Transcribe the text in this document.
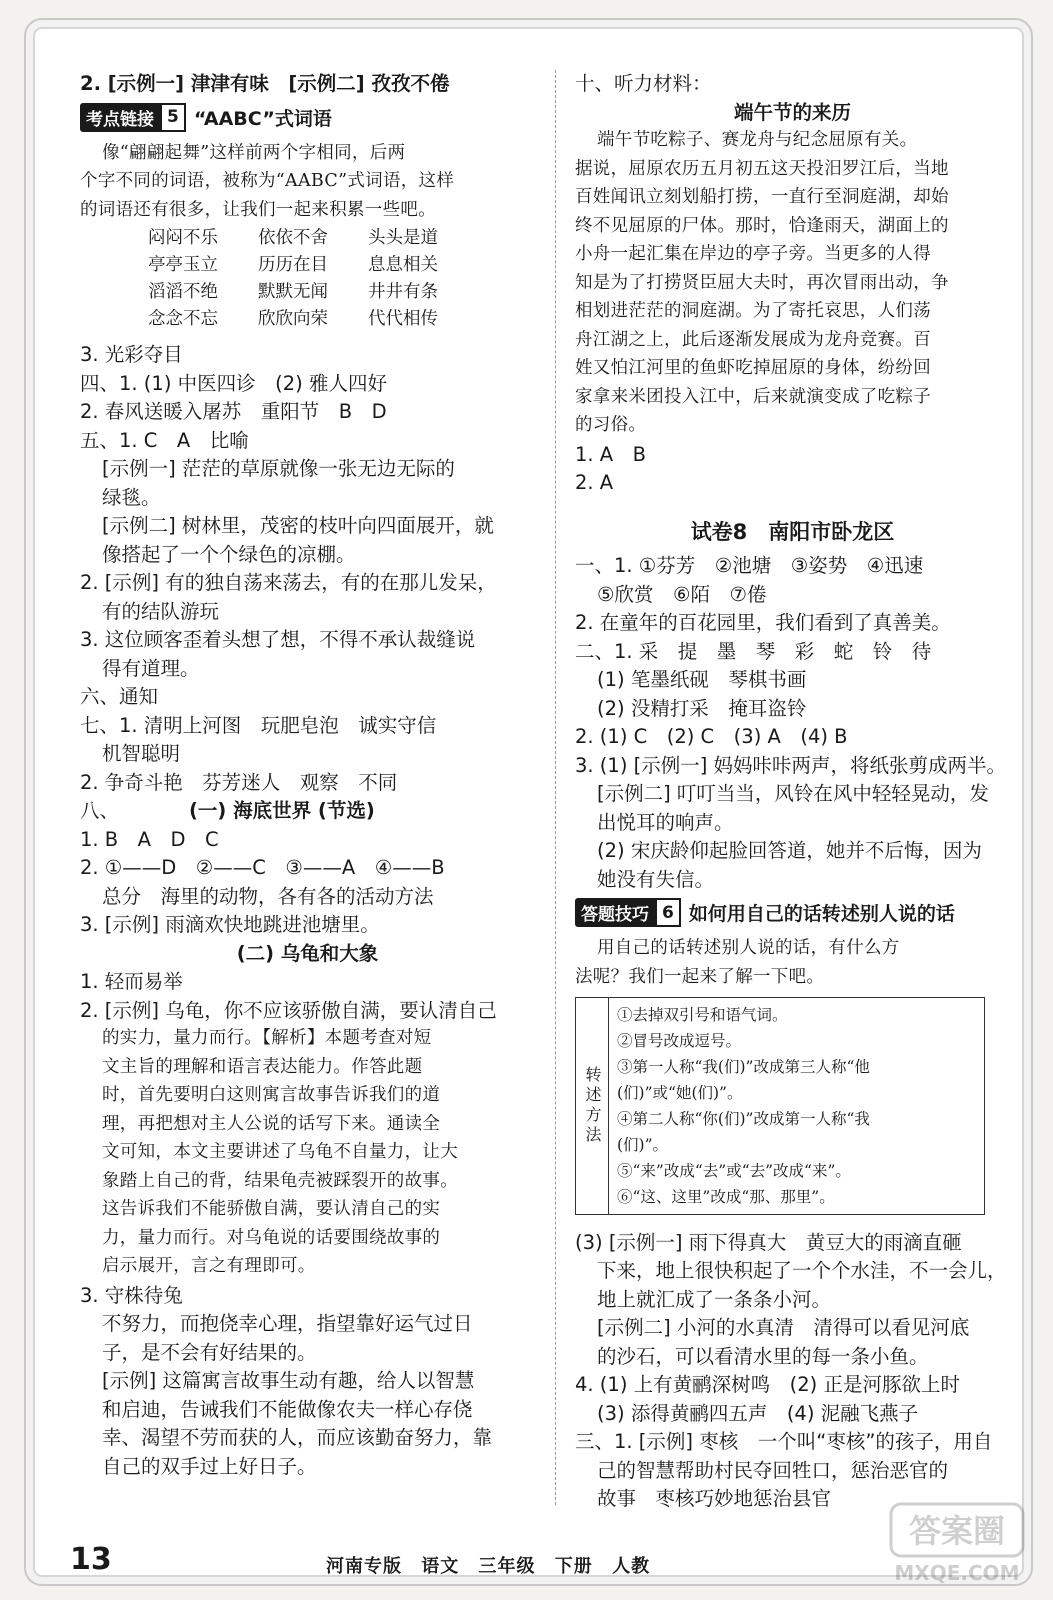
2. [示例一] 津津有味　[示例二] 孜孜不倦
考点链接 5 “AABC”式词语
像“翩翩起舞”这样前两个字相同，后两
个字不同的词语，被称为“AABC”式词语，这样
的词语还有很多，让我们一起来积累一些吧。
闷闷不乐	依依不舍	头头是道
亭亭玉立	历历在目	息息相关
滔滔不绝	默默无闻	井井有条
念念不忘	欣欣向荣	代代相传
3. 光彩夺目
四、1. (1) 中医四诊　(2) 雅人四好
2. 春风送暖入屠苏　重阳节　B　D
五、1. C　A　比喻
[示例一] 茫茫的草原就像一张无边无际的
绿毯。
[示例二] 树林里，茂密的枝叶向四面展开，就
像搭起了一个个绿色的凉棚。
2. [示例] 有的独自荡来荡去，有的在那儿发呆，
有的结队游玩
3. 这位顾客歪着头想了想，不得不承认裁缝说
得有道理。
六、通知
七、1. 清明上河图　玩肥皂泡　诚实守信
机智聪明
2. 争奇斗艳　芬芳迷人　观察　不同
八、	(一) 海底世界 (节选)
1. B　A　D　C
2. ①——D　②——C　③——A　④——B
总分　海里的动物，各有各的活动方法
3. [示例] 雨滴欢快地跳进池塘里。
(二) 乌龟和大象
1. 轻而易举
2. [示例] 乌龟，你不应该骄傲自满，要认清自己
的实力，量力而行。【解析】本题考查对短
文主旨的理解和语言表达能力。作答此题
时，首先要明白这则寓言故事告诉我们的道
理，再把想对主人公说的话写下来。通读全
文可知，本文主要讲述了乌龟不自量力，让大
象踏上自己的背，结果龟壳被踩裂开的故事。
这告诉我们不能骄傲自满，要认清自己的实
力，量力而行。对乌龟说的话要围绕故事的
启示展开，言之有理即可。
3. 守株待兔
不努力，而抱侥幸心理，指望靠好运气过日
子，是不会有好结果的。
[示例] 这篇寓言故事生动有趣，给人以智慧
和启迪，告诫我们不能做像农夫一样心存侥
幸、渴望不劳而获的人，而应该勤奋努力，靠
自己的双手过上好日子。
十、听力材料：
端午节的来历
端午节吃粽子、赛龙舟与纪念屈原有关。
据说，屈原农历五月初五这天投汨罗江后，当地
百姓闻讯立刻划船打捞，一直行至洞庭湖，却始
终不见屈原的尸体。那时，恰逢雨天，湖面上的
小舟一起汇集在岸边的亭子旁。当更多的人得
知是为了打捞贤臣屈大夫时，再次冒雨出动，争
相划进茫茫的洞庭湖。为了寄托哀思，人们荡
舟江湖之上，此后逐渐发展成为龙舟竞赛。百
姓又怕江河里的鱼虾吃掉屈原的身体，纷纷回
家拿来米团投入江中，后来就演变成了吃粽子
的习俗。
1. A　B
2. A
试卷8　南阳市卧龙区
一、1. ①芬芳　②池塘　③姿势　④迅速
⑤欣赏　⑥陌　⑦倦
2. 在童年的百花园里，我们看到了真善美。
二、1. 采　提　墨　琴　彩　蛇　铃　待
(1) 笔墨纸砚　琴棋书画
(2) 没精打采　掩耳盗铃
2. (1) C　(2) C　(3) A　(4) B
3. (1) [示例一] 妈妈咔咔两声，将纸张剪成两半。
[示例二] 叮叮当当，风铃在风中轻轻晃动，发
出悦耳的响声。
(2) 宋庆龄仰起脸回答道，她并不后悔，因为
她没有失信。
答题技巧 6 如何用自己的话转述别人说的话
用自己的话转述别人说的话，有什么方
法呢？我们一起来了解一下吧。
转述方法
①去掉双引号和语气词。
②冒号改成逗号。
③第一人称“我(们)”改成第三人称“他
(们)”或“她(们)”。
④第二人称“你(们)”改成第一人称“我
(们)”。
⑤“来”改成“去”或“去”改成“来”。
⑥“这、这里”改成“那、那里”。
(3) [示例一] 雨下得真大　黄豆大的雨滴直砸
下来，地上很快积起了一个个水洼，不一会儿，
地上就汇成了一条条小河。
[示例二] 小河的水真清　清得可以看见河底
的沙石，可以看清水里的每一条小鱼。
4. (1) 上有黄鹂深树鸣　(2) 正是河豚欲上时
(3) 添得黄鹂四五声　(4) 泥融飞燕子
三、1. [示例] 枣核　一个叫“枣核”的孩子，用自
己的智慧帮助村民夺回牲口，惩治恶官的
故事　枣核巧妙地惩治县官
13	河南专版 语文 三年级 下册 人教
答案圈
MXQE.COM
